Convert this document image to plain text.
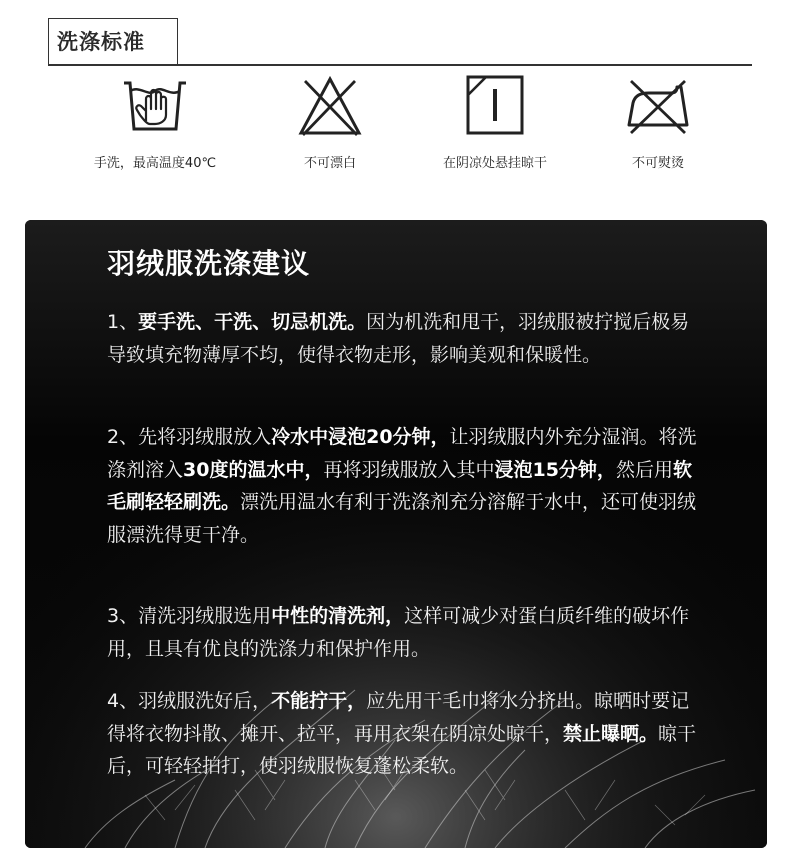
洗涤标准
手洗，最高温度40℃	不可漂白	在阴凉处悬挂晾干	不可熨烫
羽绒服洗涤建议
1、要手洗、干洗、切忌机洗。因为机洗和甩干，羽绒服被拧搅后极易导致填充物薄厚不均，使得衣物走形，影响美观和保暖性。
2、先将羽绒服放入冷水中浸泡20分钟，让羽绒服内外充分湿润。将洗涤剂溶入30度的温水中，再将羽绒服放入其中浸泡15分钟，然后用软毛刷轻轻刷洗。漂洗用温水有利于洗涤剂充分溶解于水中，还可使羽绒服漂洗得更干净。
3、清洗羽绒服选用中性的清洗剂，这样可减少对蛋白质纤维的破坏作用，且具有优良的洗涤力和保护作用。
4、羽绒服洗好后，不能拧干，应先用干毛巾将水分挤出。晾晒时要记得将衣物抖散、摊开、拉平，再用衣架在阴凉处晾干，禁止曝晒。晾干后，可轻轻拍打，使羽绒服恢复蓬松柔软。
